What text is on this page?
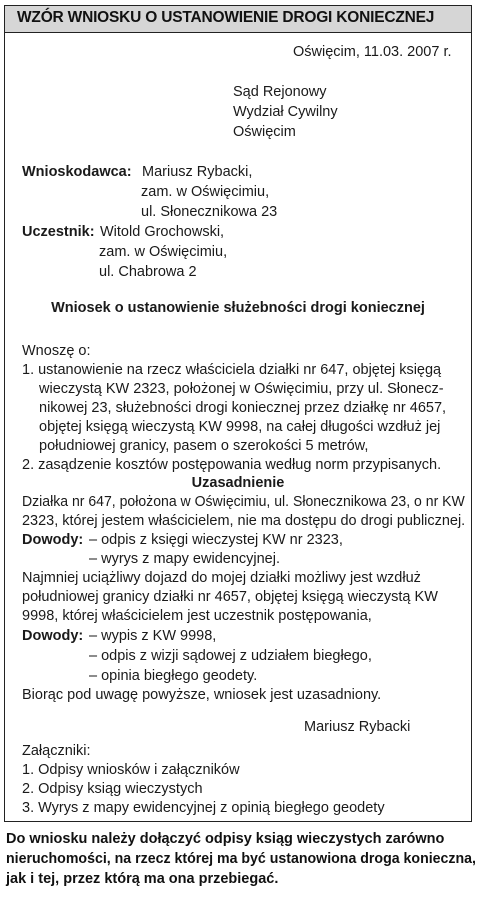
WZÓR WNIOSKU O USTANOWIENIE DROGI KONIECZNEJ
Oświęcim, 11.03. 2007 r.
Sąd Rejonowy
Wydział Cywilny
Oświęcim
Wnioskodawca: Mariusz Rybacki,
zam. w Oświęcimiu,
ul. Słonecznikowa 23
Uczestnik: Witold Grochowski,
zam. w Oświęcimiu,
ul. Chabrowa 2
Wniosek o ustanowienie służebności drogi koniecznej
Wnoszę o:
1. ustanowienie na rzecz właściciela działki nr 647, objętej księgą
wieczystą KW 2323, położonej w Oświęcimiu, przy ul. Słonecz-
nikowej 23, służebności drogi koniecznej przez działkę nr 4657,
objętej księgą wieczystą KW 9998, na całej długości wzdłuż jej
południowej granicy, pasem o szerokości 5 metrów,
2. zasądzenie kosztów postępowania według norm przypisanych.
Uzasadnienie
Działka nr 647, położona w Oświęcimiu, ul. Słonecznikowa 23, o nr KW
2323, której jestem właścicielem, nie ma dostępu do drogi publicznej.
Dowody: – odpis z księgi wieczystej KW nr 2323,
– wyrys z mapy ewidencyjnej.
Najmniej uciążliwy dojazd do mojej działki możliwy jest wzdłuż
południowej granicy działki nr 4657, objętej księgą wieczystą KW
9998, której właścicielem jest uczestnik postępowania,
Dowody: – wypis z KW 9998,
– odpis z wizji sądowej z udziałem biegłego,
– opinia biegłego geodety.
Biorąc pod uwagę powyższe, wniosek jest uzasadniony.
Mariusz Rybacki
Załączniki:
1. Odpisy wniosków i załączników
2. Odpisy ksiąg wieczystych
3. Wyrys z mapy ewidencyjnej z opinią biegłego geodety
Do wniosku należy dołączyć odpisy ksiąg wieczystych zarówno
nieruchomości, na rzecz której ma być ustanowiona droga konieczna,
jak i tej, przez którą ma ona przebiegać.
